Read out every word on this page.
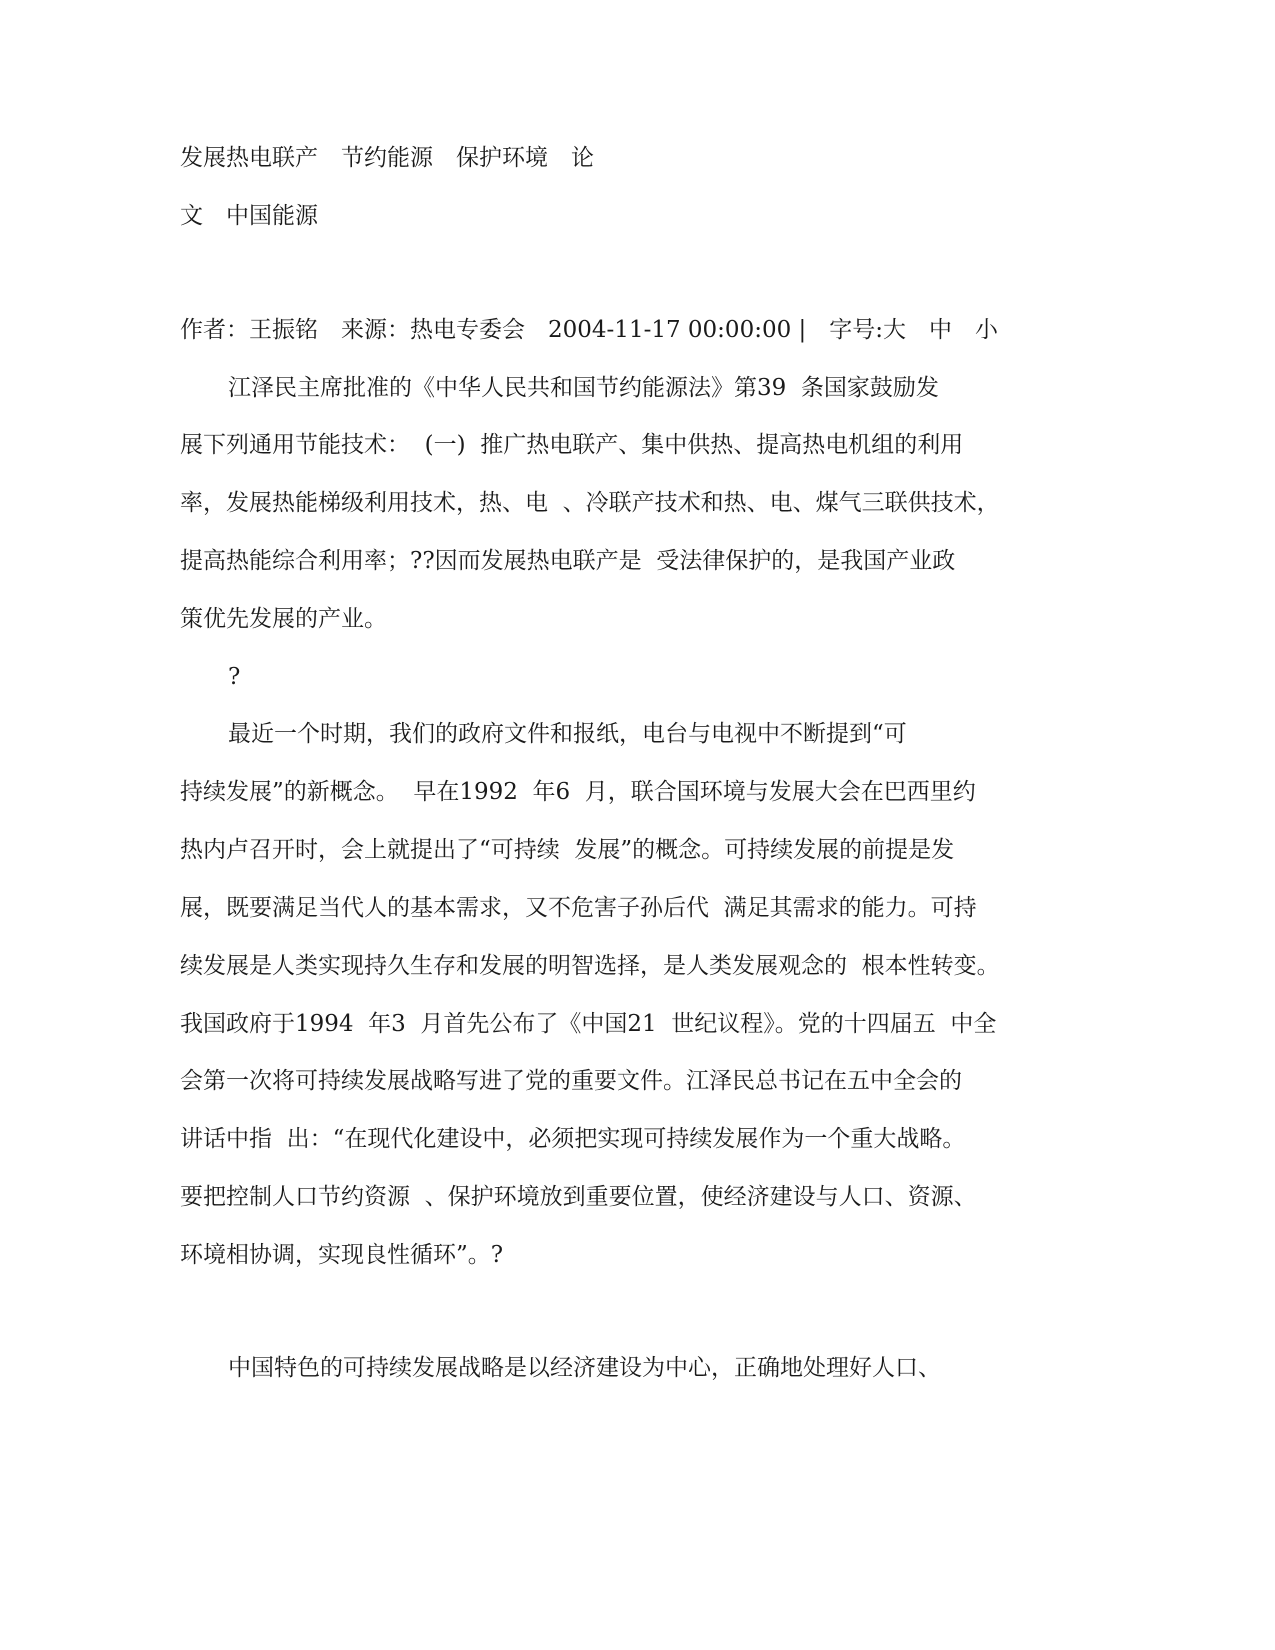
发展热电联产　节约能源　保护环境　论

文　中国能源

作者：王振铭　来源：热电专委会　2004-11-17 00:00:00 |　字号:大　中　小

江泽民主席批准的《中华人民共和国节约能源法》第39  条国家鼓励发

展下列通用节能技术：  (一)  推广热电联产、集中供热、提高热电机组的利用

率，发展热能梯级利用技术，热、电  、冷联产技术和热、电、煤气三联供技术，

提高热能综合利用率；??因而发展热电联产是  受法律保护的，是我国产业政

策优先发展的产业。

?

最近一个时期，我们的政府文件和报纸，电台与电视中不断提到“可

持续发展”的新概念。  早在1992  年6  月，联合国环境与发展大会在巴西里约

热内卢召开时，会上就提出了“可持续  发展”的概念。可持续发展的前提是发

展，既要满足当代人的基本需求，又不危害子孙后代  满足其需求的能力。可持

续发展是人类实现持久生存和发展的明智选择，是人类发展观念的  根本性转变。

我国政府于1994  年3  月首先公布了《中国21  世纪议程》。党的十四届五  中全

会第一次将可持续发展战略写进了党的重要文件。江泽民总书记在五中全会的

讲话中指  出：“在现代化建设中，必须把实现可持续发展作为一个重大战略。

要把控制人口节约资源  、保护环境放到重要位置，使经济建设与人口、资源、

环境相协调，实现良性循环”。?

中国特色的可持续发展战略是以经济建设为中心，正确地处理好人口、
